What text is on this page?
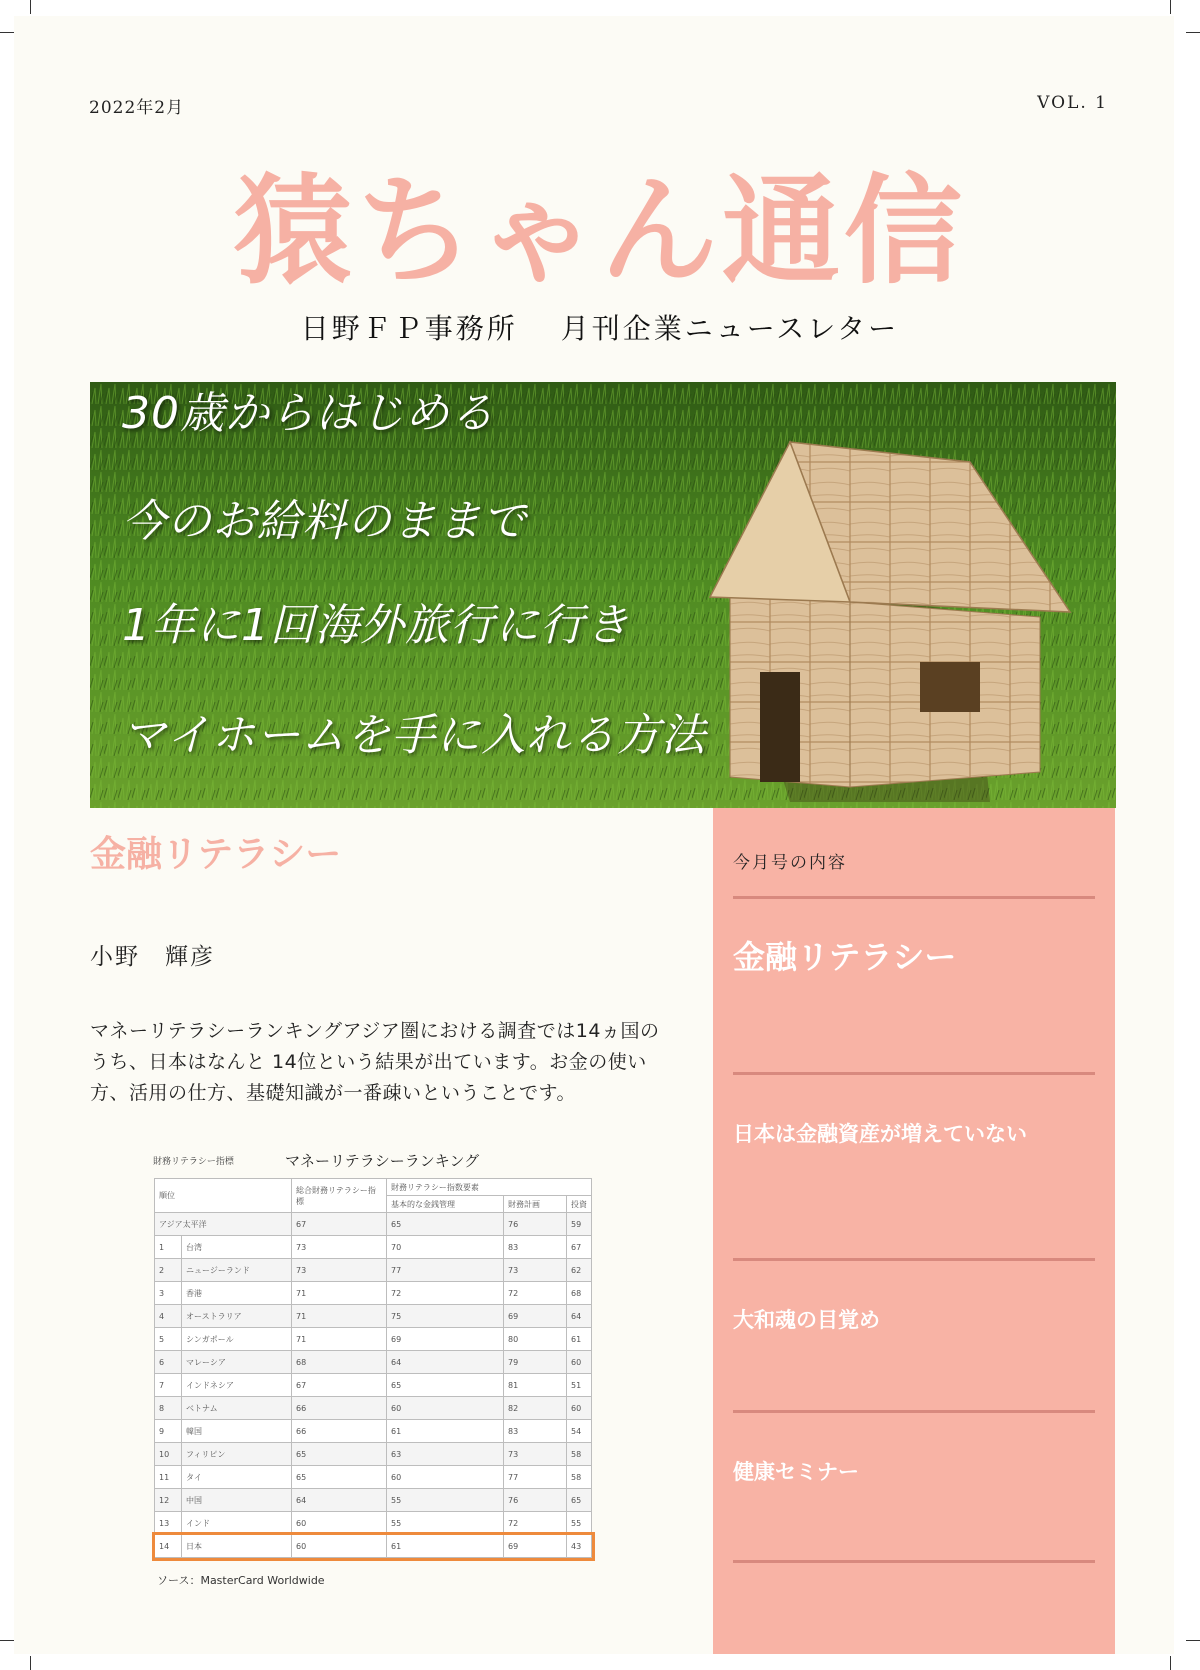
2022年2月	VOL. 1
猿ちゃん通信
日野ＦＰ事務所　 月刊企業ニュースレター
30歳からはじめる
今のお給料のままで
1年に1回海外旅行に行き
マイホームを手に入れる方法
金融リテラシー
小野　輝彦
マネーリテラシーランキングアジア圏における調査では14ヵ国のうち、日本はなんと 14位という結果が出ています。お金の使い方、活用の仕方、基礎知識が一番疎いということです。
財務リテラシー指標	マネーリテラシーランキング
順位		総合財務リテラシー指標	財務リテラシー指数要素		
			基本的な金銭管理	財務計画	投資
アジア太平洋		67	65	76	59
1	台湾	73	70	83	67
2	ニュージーランド	73	77	73	62
3	香港	71	72	72	68
4	オーストラリア	71	75	69	64
5	シンガポール	71	69	80	61
6	マレーシア	68	64	79	60
7	インドネシア	67	65	81	51
8	ベトナム	66	60	82	60
9	韓国	66	61	83	54
10	フィリピン	65	63	73	58
11	タイ	65	60	77	58
12	中国	64	55	76	65
13	インド	60	55	72	55
14	日本	60	61	69	43
ソース：MasterCard Worldwide
今月号の内容
金融リテラシー
日本は金融資産が増えていない
大和魂の目覚め
健康セミナー
